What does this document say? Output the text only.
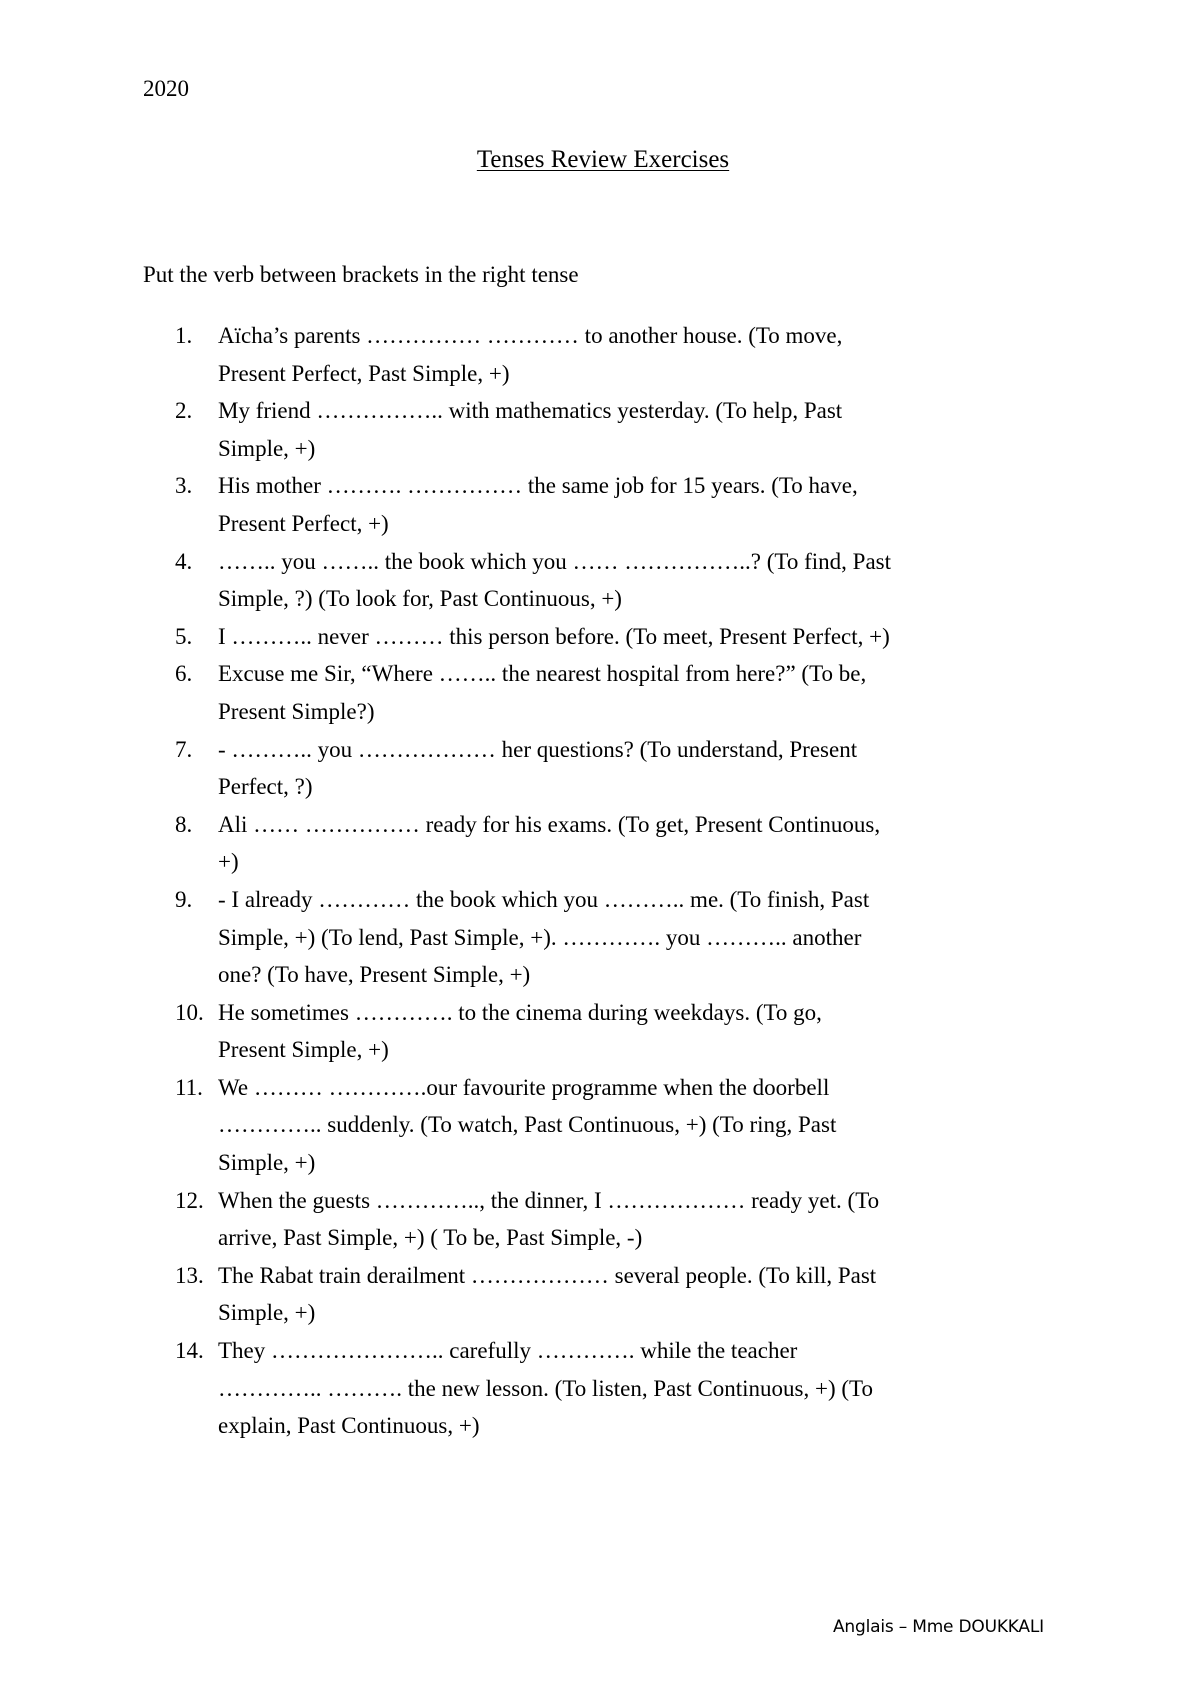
2020
Tenses Review Exercises
Put the verb between brackets in the right tense
1.	Aïcha’s parents …………… ………… to another house. (To move,
Present Perfect, Past Simple, +)
2.	My friend …………….. with mathematics yesterday. (To help, Past
Simple, +)
3.	His mother ………. …………… the same job for 15 years. (To have,
Present Perfect, +)
4.	…….. you …….. the book which you …… ……………..? (To find, Past
Simple, ?) (To look for, Past Continuous, +)
5.	I ……….. never ……… this person before. (To meet, Present Perfect, +)
6.	Excuse me Sir, “Where …….. the nearest hospital from here?” (To be,
Present Simple?)
7.	- ……….. you ……………… her questions? (To understand, Present
Perfect, ?)
8.	Ali …… …………… ready for his exams. (To get, Present Continuous,
+)
9.	- I already ………… the book which you ……….. me. (To finish, Past
Simple, +) (To lend, Past Simple, +). …………. you ……….. another
one? (To have, Present Simple, +)
10. He sometimes …………. to the cinema during weekdays. (To go,
Present Simple, +)
11. We ……… ………….our favourite programme when the doorbell
………….. suddenly. (To watch, Past Continuous, +) (To ring, Past
Simple, +)
12. When the guests ………….., the dinner, I ……………… ready yet. (To
arrive, Past Simple, +) ( To be, Past Simple, -)
13. The Rabat train derailment ……………… several people. (To kill, Past
Simple, +)
14. They ………………….. carefully …………. while the teacher
………….. ………. the new lesson. (To listen, Past Continuous, +) (To
explain, Past Continuous, +)
Anglais – Mme DOUKKALI
